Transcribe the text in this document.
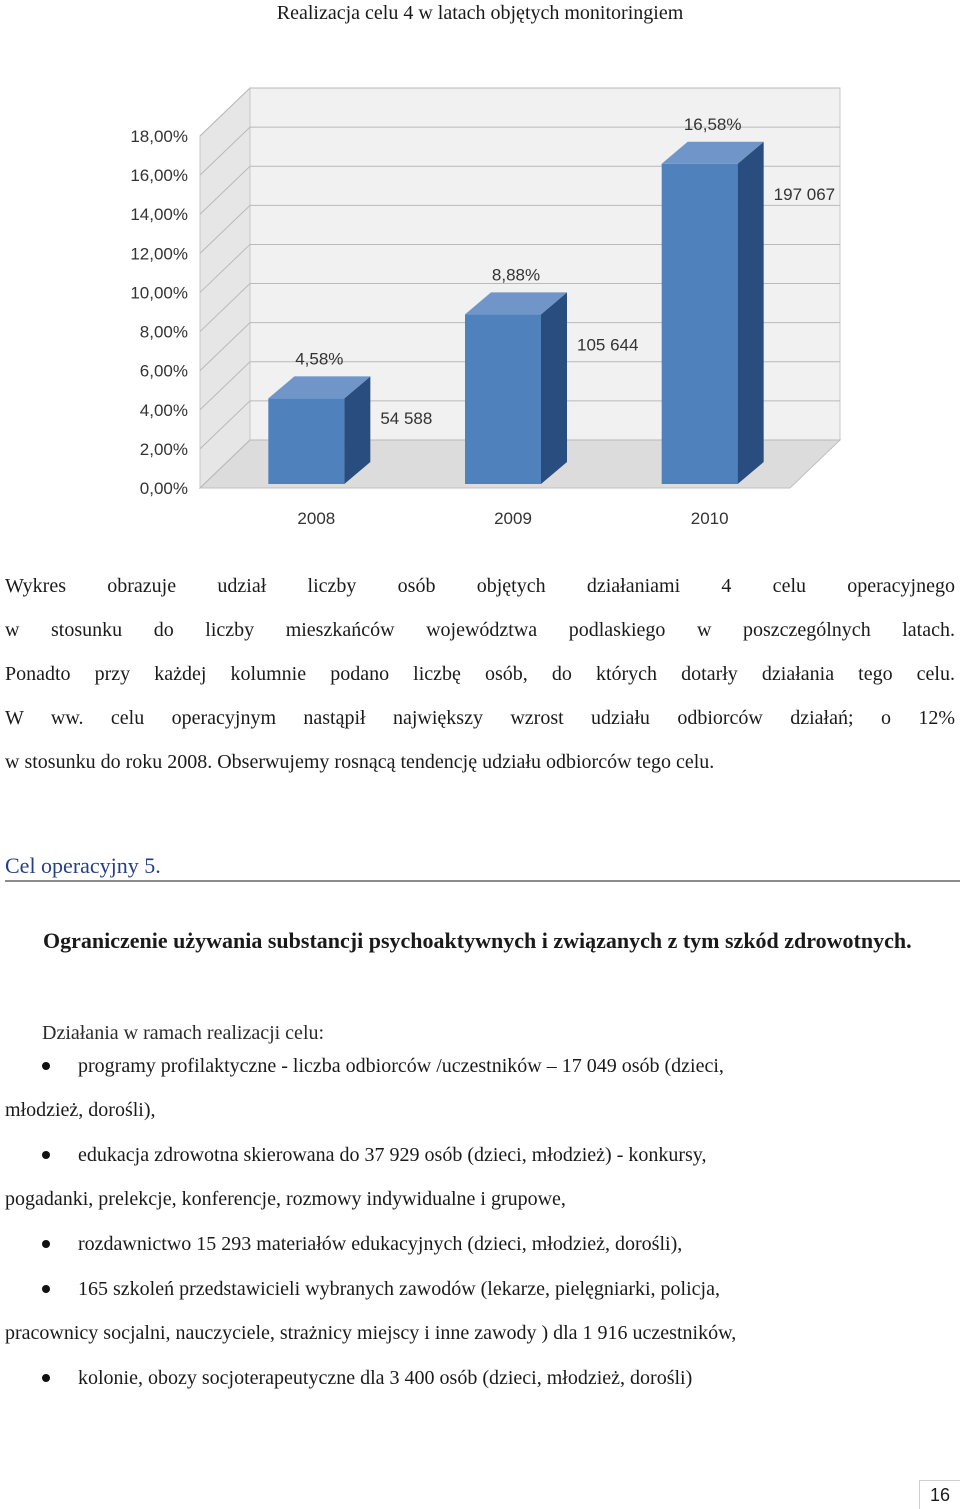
Realizacja celu 4 w latach objętych monitoringiem
0,00%
2,00%
4,00%
6,00%
8,00%
10,00%
12,00%
14,00%
16,00%
18,00%
4,58%
54 588
2008
8,88%
105 644
2009
16,58%
197 067
2010
Wykres obrazuje udział liczby osób objętych działaniami 4 celu operacyjnego
w stosunku do liczby mieszkańców województwa podlaskiego w poszczególnych latach.
Ponadto przy każdej kolumnie podano liczbę osób, do których dotarły działania tego celu.
W ww. celu operacyjnym nastąpił największy wzrost udziału odbiorców działań; o 12%
w stosunku do roku 2008. Obserwujemy rosnącą tendencję udziału odbiorców tego celu.
Cel operacyjny 5.
Ograniczenie używania substancji psychoaktywnych i związanych z tym szkód zdrowotnych.
Działania w ramach realizacji celu:
programy profilaktyczne - liczba odbiorców /uczestników – 17 049 osób (dzieci,
młodzież, dorośli),
edukacja zdrowotna skierowana do 37 929 osób (dzieci, młodzież) - konkursy,
pogadanki, prelekcje, konferencje, rozmowy indywidualne i grupowe,
rozdawnictwo 15 293 materiałów edukacyjnych (dzieci, młodzież, dorośli),
165 szkoleń przedstawicieli wybranych zawodów (lekarze, pielęgniarki, policja,
pracownicy socjalni, nauczyciele, strażnicy miejscy i inne zawody ) dla 1 916 uczestników,
kolonie, obozy socjoterapeutyczne dla 3 400 osób (dzieci, młodzież, dorośli)
16
